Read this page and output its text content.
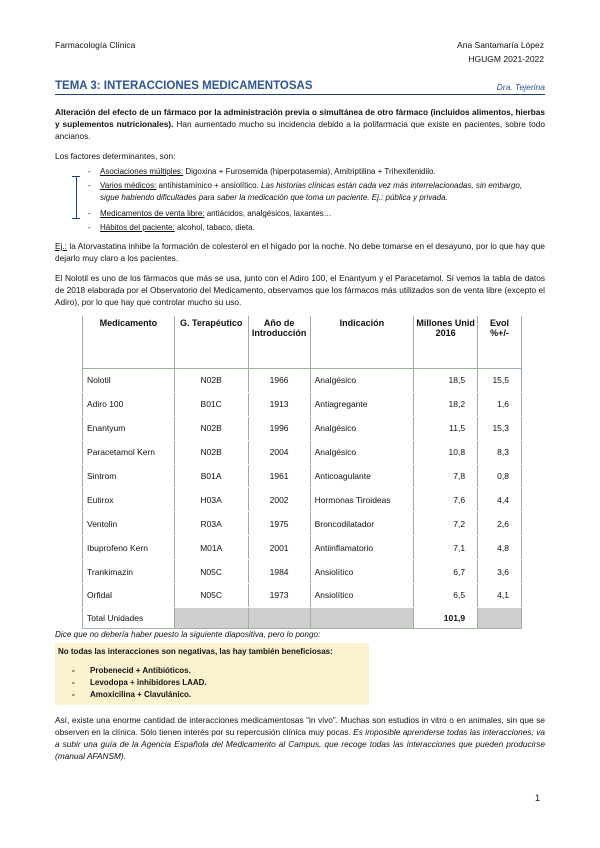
Farmacología Clínica	Ana Santamaría López
HGUGM 2021-2022
TEMA 3: INTERACCIONES MEDICAMENTOSAS	Dra. Tejerina
Alteración del efecto de un fármaco por la administración previa o simultánea de otro fármaco (incluidos alimentos, hierbas y suplementos nutricionales). Han aumentado mucho su incidencia debido a la polifarmacia que existe en pacientes, sobre todo ancianos.
Los factores determinantes, son:
- Asociaciones múltiples: Digoxina + Furosemida (hiperpotasemia), Amitriptilina + Trihexifenidilo.
- Varios médicos: antihistamínico + ansiolítico. Las historias clínicas están cada vez más interrelacionadas, sin embargo, sigue habiendo dificultades para saber la medicación que toma un paciente. Ej.: pública y privada.
- Medicamentos de venta libre: antiácidos, analgésicos, laxantes…
- Hábitos del paciente: alcohol, tabaco, dieta.
Ej.: la Atorvastatina inhibe la formación de colesterol en el hígado por la noche. No debe tomarse en el desayuno, por lo que hay que dejarlo muy claro a los pacientes.
El Nolotil es uno de los fármacos que más se usa, junto con el Adiro 100, el Enantyum y el Paracetamol. Si vemos la tabla de datos de 2018 elaborada por el Observatorio del Medicamento, observamos que los fármacos más utilizados son de venta libre (excepto el Adiro), por lo que hay que controlar mucho su uso.
Medicamento	G. Terapéutico	Año de Introducción	Indicación	Millones Unid 2016	Evol %+/-
Nolotil	N02B	1966	Analgésico	18,5	15,5
Adiro 100	B01C	1913	Antiagregante	18,2	1,6
Enantyum	N02B	1996	Analgésico	11,5	15,3
Paracetamol Kern	N02B	2004	Analgésico	10,8	8,3
Sintrom	B01A	1961	Anticoagulante	7,8	0,8
Eutirox	H03A	2002	Hormonas Tiroideas	7,6	4,4
Ventolin	R03A	1975	Broncodilatador	7,2	2,6
Ibuprofeno Kern	M01A	2001	Antiinflamatorio	7,1	4,8
Trankimazin	N05C	1984	Ansiolítico	6,7	3,6
Orfidal	N05C	1973	Ansiolítico	6,5	4,1
Total Unidades				101,9	
Dice que no debería haber puesto la siguiente diapositiva, pero lo pongo:
No todas las interacciones son negativas, las hay también beneficiosas:
- Probenecid + Antibióticos.
- Levodopa + inhibidores LAAD.
- Amoxicilina + Clavulánico.
Así, existe una enorme cantidad de interacciones medicamentosas “in vivo”. Muchas son estudios in vitro o en animales, sin que se observen en la clínica. Sólo tienen interés por su repercusión clínica muy pocas. Es imposible aprenderse todas las interacciones; va a subir una guía de la Agencia Española del Medicamento al Campus, que recoge todas las interacciones que pueden producirse (manual AFANSM).
1
